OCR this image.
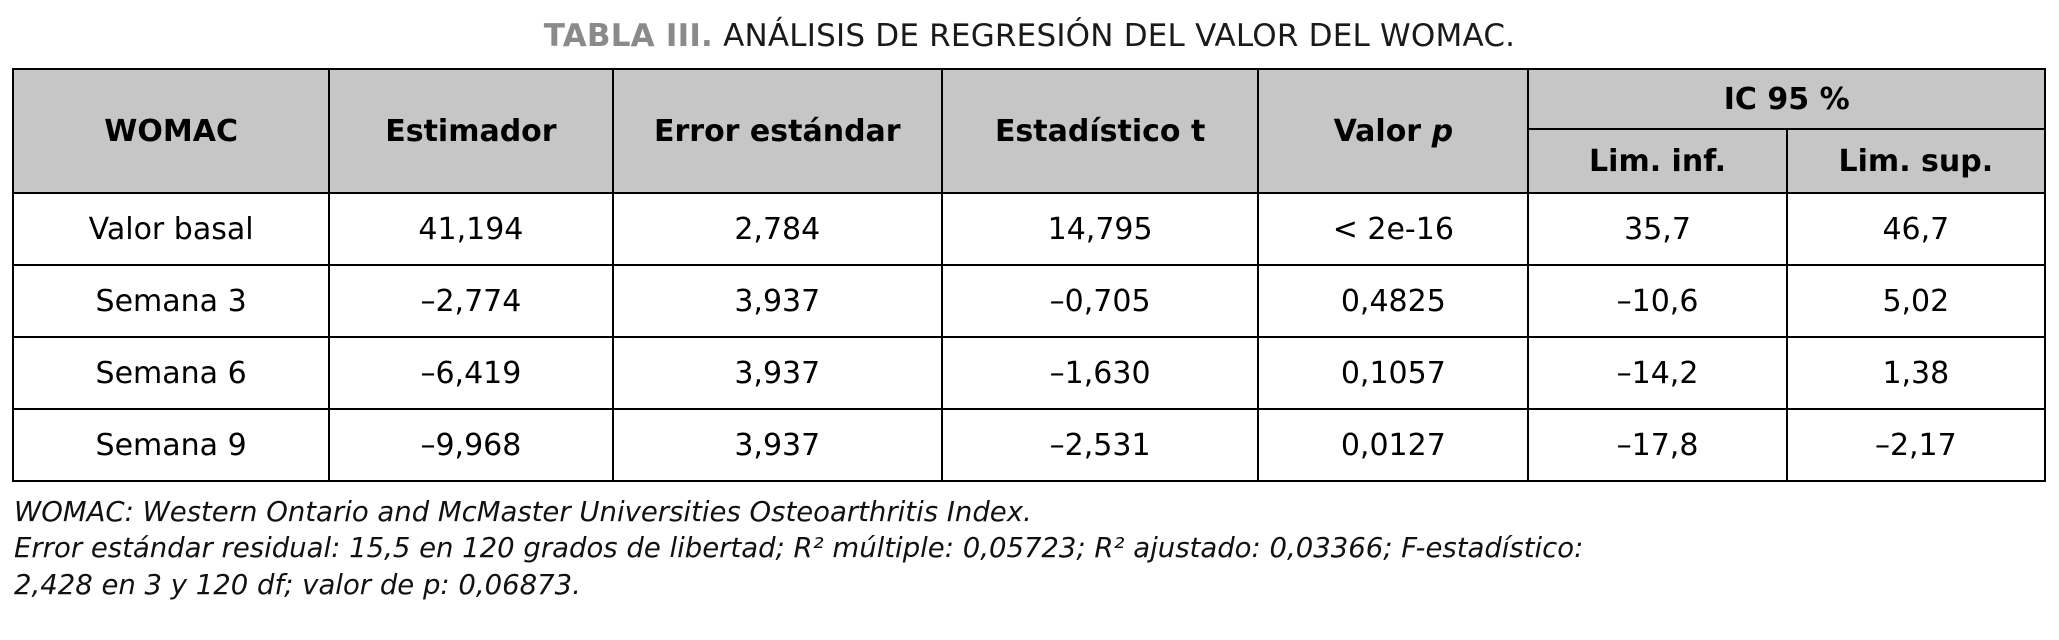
TABLA III. ANÁLISIS DE REGRESIÓN DEL VALOR DEL WOMAC.
WOMAC	Estimador	Error estándar	Estadístico t	Valor p	IC 95 %	
					Lim. inf.	Lim. sup.
Valor basal	41,194	2,784	14,795	< 2e-16	35,7	46,7
Semana 3	–2,774	3,937	–0,705	0,4825	–10,6	5,02
Semana 6	–6,419	3,937	–1,630	0,1057	–14,2	1,38
Semana 9	–9,968	3,937	–2,531	0,0127	–17,8	–2,17
WOMAC: Western Ontario and McMaster Universities Osteoarthritis Index.
Error estándar residual: 15,5 en 120 grados de libertad; R² múltiple: 0,05723; R² ajustado: 0,03366; F-estadístico:
2,428 en 3 y 120 df; valor de p: 0,06873.
